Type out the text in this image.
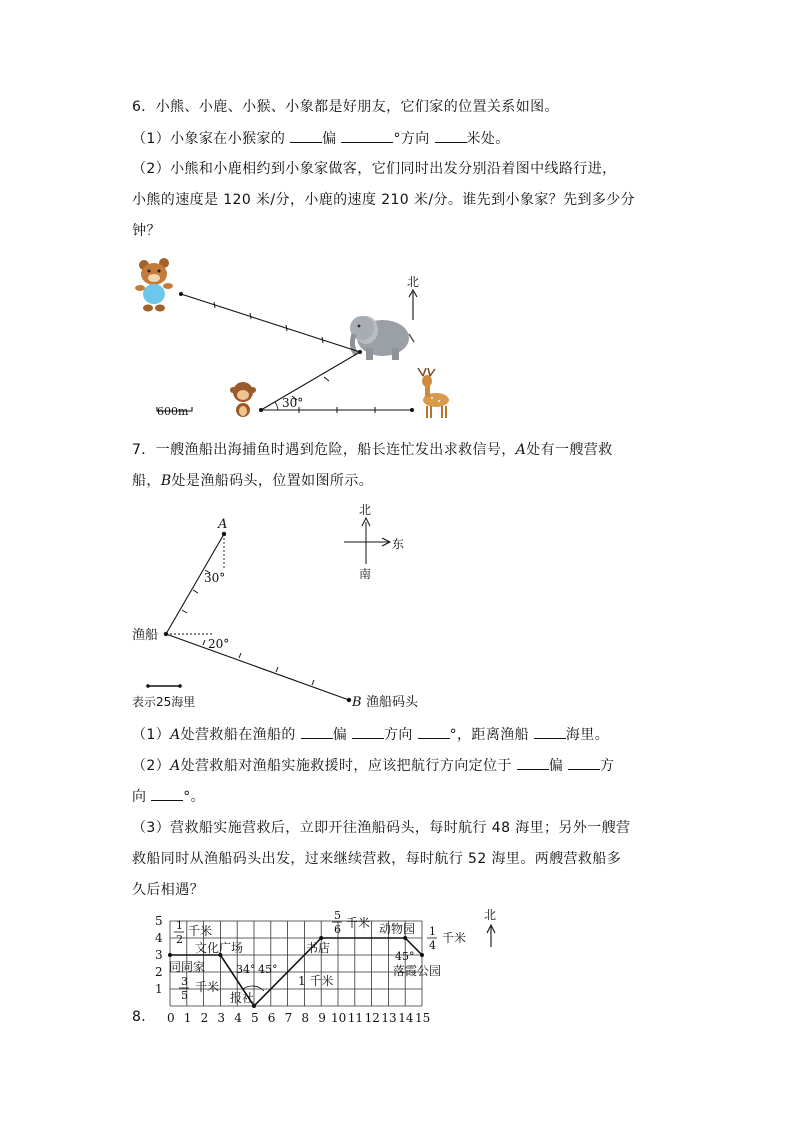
6．小熊、小鹿、小猴、小象都是好朋友，它们家的位置关系如图。
（1）小象家在小猴家的	偏	°方向	米处。
（2）小熊和小鹿相约到小象家做客，它们同时出发分别沿着图中线路行进，
小熊的速度是 120 米/分，小鹿的速度 210 米/分。谁先到小象家？先到多少分
钟？
30°
北
600m
7．一艘渔船出海捕鱼时遇到危险，船长连忙发出求救信号，A处有一艘营救
船，B处是渔船码头，位置如图所示。
A
30°
20°
渔船
B 渔船码头
北
东
南
表示25海里
（1）A处营救船在渔船的	偏	方向	°，距离渔船	海里。
（2）A处营救船对渔船实施救援时，应该把航行方向定位于	偏	方
向	°。
（3）营救船实施营救后，立即开往渔船码头，每时航行 48 海里；另外一艘营
救船同时从渔船码头出发，过来继续营救，每时航行 52 海里。两艘营救船多
久后相遇？
8．
5
4
3
2
1
0 1 2 3 4 5 6 7 8 9 10 11 12 13 14 15
同同家
文化广场
报社
书店
动物园
落霞公园
1
2
千米
3
5
千米
5
6 千米
1
4
千米
1 千米
34° 45°
45°
北
